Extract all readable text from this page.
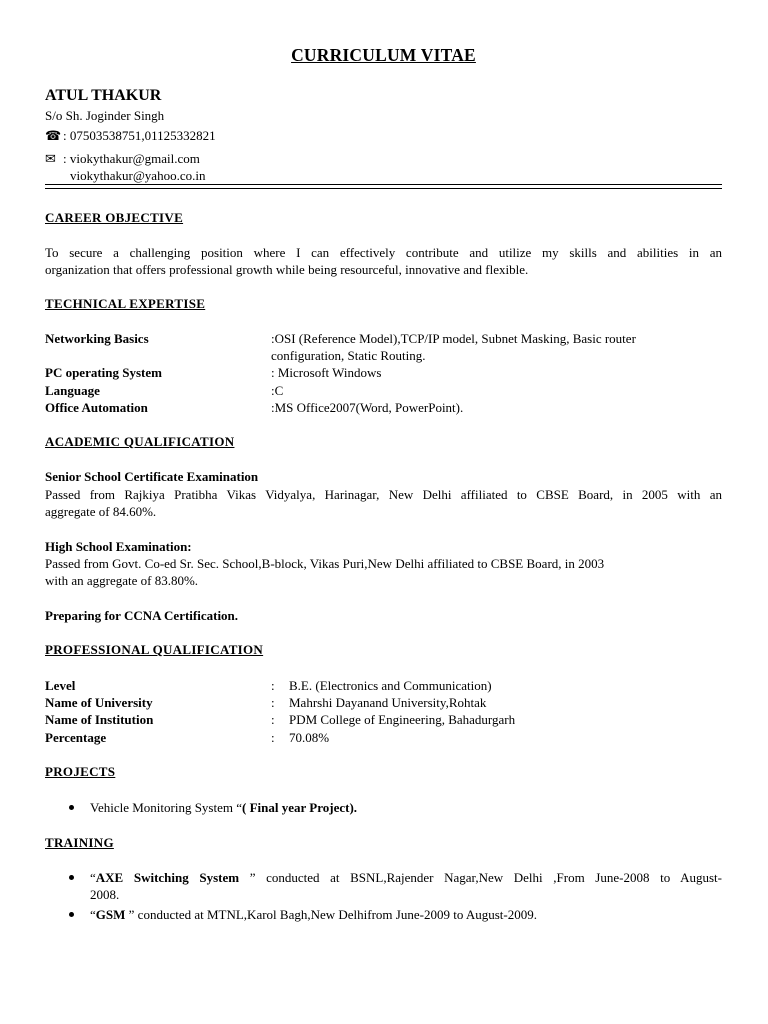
CURRICULUM VITAE
ATUL THAKUR
S/o Sh. Joginder Singh
☎ : 07503538751,01125332821
✉ : viokythakur@gmail.com
viokythakur@yahoo.co.in
CAREER OBJECTIVE
To secure a challenging position where I can effectively contribute and utilize my skills and abilities in an
organization that offers professional growth while being resourceful, innovative and flexible.
TECHNICAL EXPERTISE
Networking Basics	:OSI (Reference Model),TCP/IP model, Subnet Masking, Basic router configuration, Static Routing.
PC operating System	: Microsoft Windows
Language	:C
Office Automation	:MS Office2007(Word, PowerPoint).
ACADEMIC QUALIFICATION
Senior School Certificate Examination
Passed from Rajkiya Pratibha Vikas Vidyalya, Harinagar, New Delhi affiliated to CBSE Board, in 2005 with an
aggregate of 84.60%.
High School Examination:
Passed from Govt. Co-ed Sr. Sec. School,B-block, Vikas Puri,New Delhi affiliated to CBSE Board, in 2003
with an aggregate of 83.80%.
Preparing for CCNA Certification.
PROFESSIONAL QUALIFICATION
Level	: B.E. (Electronics and Communication)
Name of University	: Mahrshi Dayanand University,Rohtak
Name of Institution	: PDM College of Engineering, Bahadurgarh
Percentage	: 70.08%
PROJECTS
Vehicle Monitoring System “( Final year Project).
TRAINING
“AXE Switching System ” conducted at BSNL,Rajender Nagar,New Delhi ,From June-2008 to August-
2008.
“GSM ” conducted at MTNL,Karol Bagh,New Delhifrom June-2009 to August-2009.
